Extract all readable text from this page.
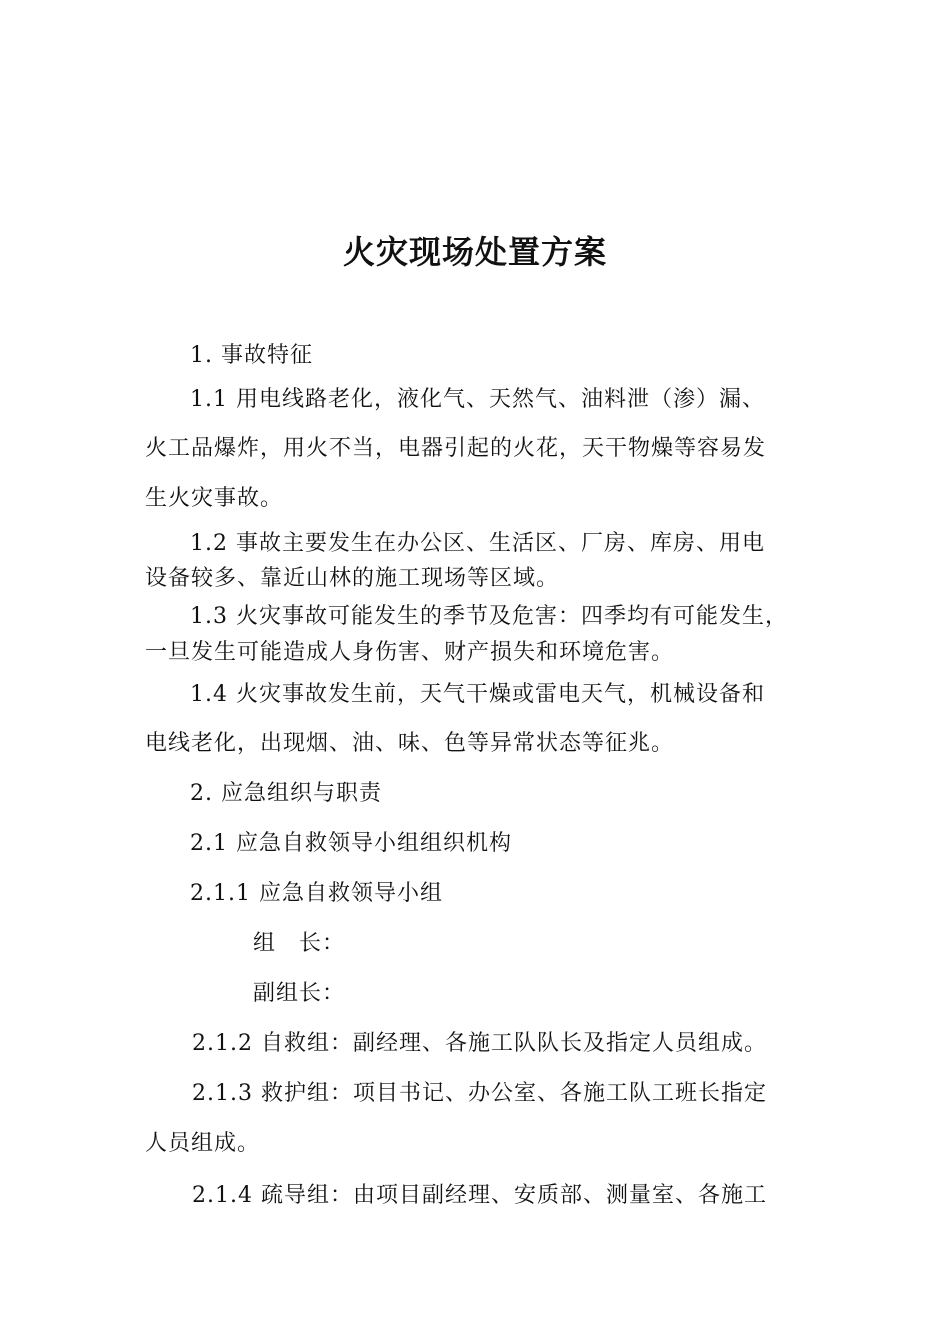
火灾现场处置方案
1. 事故特征
1.1 用电线路老化，液化气、天然气、油料泄（渗）漏、
火工品爆炸，用火不当，电器引起的火花，天干物燥等容易发
生火灾事故。
1.2 事故主要发生在办公区、生活区、厂房、库房、用电
设备较多、靠近山林的施工现场等区域。
1.3 火灾事故可能发生的季节及危害：四季均有可能发生，
一旦发生可能造成人身伤害、财产损失和环境危害。
1.4 火灾事故发生前，天气干燥或雷电天气，机械设备和
电线老化，出现烟、油、味、色等异常状态等征兆。
2. 应急组织与职责
2.1 应急自救领导小组组织机构
2.1.1 应急自救领导小组
组　长：
副组长：
2.1.2 自救组：副经理、各施工队队长及指定人员组成。
2.1.3 救护组：项目书记、办公室、各施工队工班长指定
人员组成。
2.1.4 疏导组：由项目副经理、安质部、测量室、各施工
